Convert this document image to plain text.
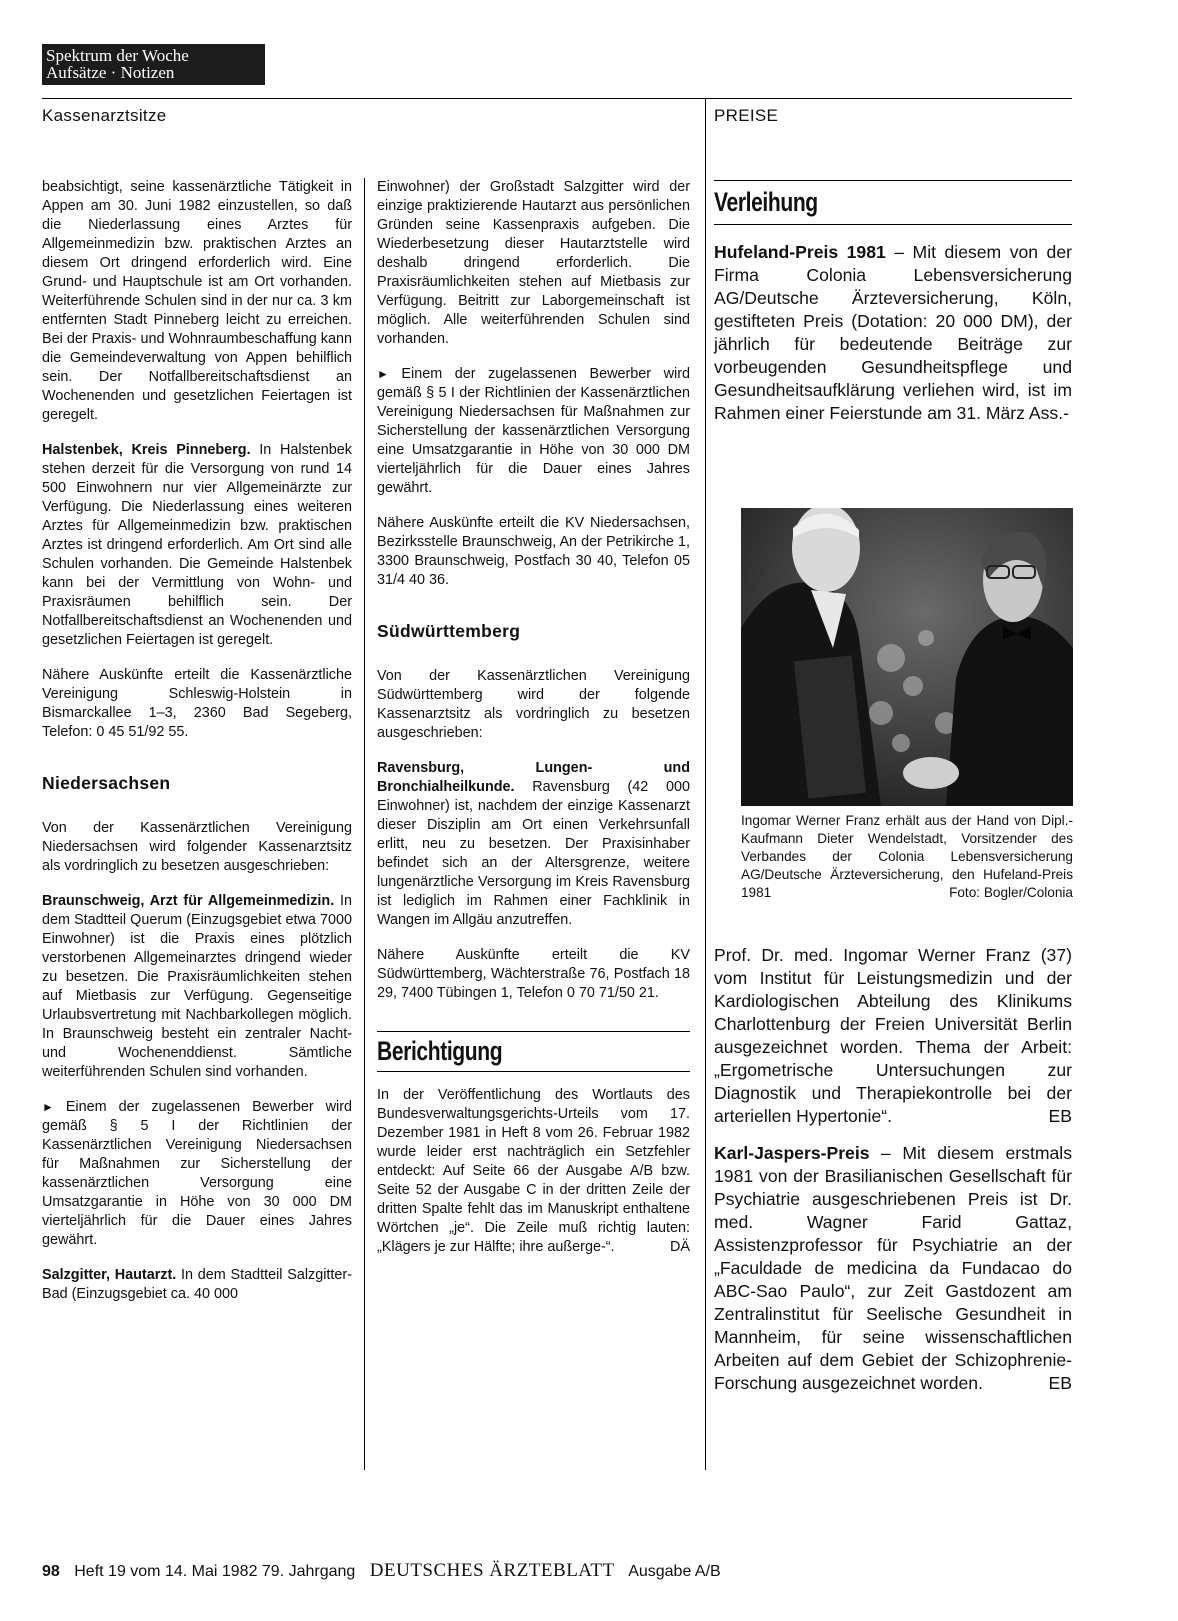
Spektrum der Woche
Aufsätze · Notizen
Kassenarztsitze	PREISE

beabsichtigt, seine kassenärztliche Tätigkeit in Appen am 30. Juni 1982 einzustellen, so daß die Niederlassung eines Arztes für Allgemeinmedizin bzw. praktischen Arztes an diesem Ort dringend erforderlich wird. Eine Grund- und Hauptschule ist am Ort vorhanden. Weiterführende Schulen sind in der nur ca. 3 km entfernten Stadt Pinneberg leicht zu erreichen. Bei der Praxis- und Wohnraumbeschaffung kann die Gemeindeverwaltung von Appen behilflich sein. Der Notfallbereitschaftsdienst an Wochenenden und gesetzlichen Feiertagen ist geregelt.

Halstenbek, Kreis Pinneberg. In Halstenbek stehen derzeit für die Versorgung von rund 14 500 Einwohnern nur vier Allgemeinärzte zur Verfügung. Die Niederlassung eines weiteren Arztes für Allgemeinmedizin bzw. praktischen Arztes ist dringend erforderlich. Am Ort sind alle Schulen vorhanden. Die Gemeinde Halstenbek kann bei der Vermittlung von Wohn- und Praxisräumen behilflich sein. Der Notfallbereitschaftsdienst an Wochenenden und gesetzlichen Feiertagen ist geregelt.

Nähere Auskünfte erteilt die Kassenärztliche Vereinigung Schleswig-Holstein in Bismarckallee 1–3, 2360 Bad Segeberg, Telefon: 0 45 51/92 55.

Niedersachsen

Von der Kassenärztlichen Vereinigung Niedersachsen wird folgender Kassenarztsitz als vordringlich zu besetzen ausgeschrieben:

Braunschweig, Arzt für Allgemeinmedizin. In dem Stadtteil Querum (Einzugsgebiet etwa 7000 Einwohner) ist die Praxis eines plötzlich verstorbenen Allgemeinarztes dringend wieder zu besetzen. Die Praxisräumlichkeiten stehen auf Mietbasis zur Verfügung. Gegenseitige Urlaubsvertretung mit Nachbarkollegen möglich. In Braunschweig besteht ein zentraler Nacht- und Wochenenddienst. Sämtliche weiterführenden Schulen sind vorhanden.

► Einem der zugelassenen Bewerber wird gemäß § 5 I der Richtlinien der Kassenärztlichen Vereinigung Niedersachsen für Maßnahmen zur Sicherstellung der kassenärztlichen Versorgung eine Umsatzgarantie in Höhe von 30 000 DM vierteljährlich für die Dauer eines Jahres gewährt.

Salzgitter, Hautarzt. In dem Stadtteil Salzgitter-Bad (Einzugsgebiet ca. 40 000

Einwohner) der Großstadt Salzgitter wird der einzige praktizierende Hautarzt aus persönlichen Gründen seine Kassenpraxis aufgeben. Die Wiederbesetzung dieser Hautarztstelle wird deshalb dringend erforderlich. Die Praxisräumlichkeiten stehen auf Mietbasis zur Verfügung. Beitritt zur Laborgemeinschaft ist möglich. Alle weiterführenden Schulen sind vorhanden.

► Einem der zugelassenen Bewerber wird gemäß § 5 I der Richtlinien der Kassenärztlichen Vereinigung Niedersachsen für Maßnahmen zur Sicherstellung der kassenärztlichen Versorgung eine Umsatzgarantie in Höhe von 30 000 DM vierteljährlich für die Dauer eines Jahres gewährt.

Nähere Auskünfte erteilt die KV Niedersachsen, Bezirksstelle Braunschweig, An der Petrikirche 1, 3300 Braunschweig, Postfach 30 40, Telefon 05 31/4 40 36.

Südwürttemberg

Von der Kassenärztlichen Vereinigung Südwürttemberg wird der folgende Kassenarztsitz als vordringlich zu besetzen ausgeschrieben:

Ravensburg, Lungen- und Bronchialheilkunde. Ravensburg (42 000 Einwohner) ist, nachdem der einzige Kassenarzt dieser Disziplin am Ort einen Verkehrsunfall erlitt, neu zu besetzen. Der Praxisinhaber befindet sich an der Altersgrenze, weitere lungenärztliche Versorgung im Kreis Ravensburg ist lediglich im Rahmen einer Fachklinik in Wangen im Allgäu anzutreffen.

Nähere Auskünfte erteilt die KV Südwürttemberg, Wächterstraße 76, Postfach 18 29, 7400 Tübingen 1, Telefon 0 70 71/50 21.

Berichtigung

In der Veröffentlichung des Wortlauts des Bundesverwaltungsgerichts-Urteils vom 17. Dezember 1981 in Heft 8 vom 26. Februar 1982 wurde leider erst nachträglich ein Setzfehler entdeckt: Auf Seite 66 der Ausgabe A/B bzw. Seite 52 der Ausgabe C in der dritten Zeile der dritten Spalte fehlt das im Manuskript enthaltene Wörtchen „je“. Die Zeile muß richtig lauten: „Klägers je zur Hälfte; ihre außerge-“.	DÄ

Verleihung

Hufeland-Preis 1981 – Mit diesem von der Firma Colonia Lebensversicherung AG/Deutsche Ärzteversicherung, Köln, gestifteten Preis (Dotation: 20 000 DM), der jährlich für bedeutende Beiträge zur vorbeugenden Gesundheitspflege und Gesundheitsaufklärung verliehen wird, ist im Rahmen einer Feierstunde am 31. März Ass.-

Ingomar Werner Franz erhält aus der Hand von Dipl.-Kaufmann Dieter Wendelstadt, Vorsitzender des Verbandes der Colonia Lebensversicherung AG/Deutsche Ärzteversicherung, den Hufeland-Preis 1981	Foto: Bogler/Colonia

Prof. Dr. med. Ingomar Werner Franz (37) vom Institut für Leistungsmedizin und der Kardiologischen Abteilung des Klinikums Charlottenburg der Freien Universität Berlin ausgezeichnet worden. Thema der Arbeit: „Ergometrische Untersuchungen zur Diagnostik und Therapiekontrolle bei der arteriellen Hypertonie“.	EB

Karl-Jaspers-Preis – Mit diesem erstmals 1981 von der Brasilianischen Gesellschaft für Psychiatrie ausgeschriebenen Preis ist Dr. med. Wagner Farid Gattaz, Assistenzprofessor für Psychiatrie an der „Faculdade de medicina da Fundacao do ABC-Sao Paulo“, zur Zeit Gastdozent am Zentralinstitut für Seelische Gesundheit in Mannheim, für seine wissenschaftlichen Arbeiten auf dem Gebiet der Schizophrenie-Forschung ausgezeichnet worden.	EB

98 Heft 19 vom 14. Mai 1982 79. Jahrgang DEUTSCHES ÄRZTEBLATT Ausgabe A/B
